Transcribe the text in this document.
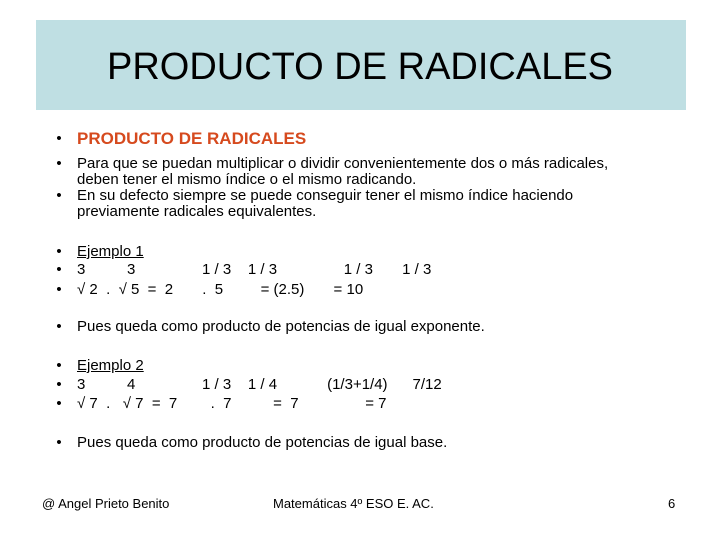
PRODUCTO DE RADICALES
• PRODUCTO DE RADICALES
• Para que se puedan multiplicar o dividir convenientemente dos o más radicales,
deben tener el mismo índice o el mismo radicando.
• En su defecto siempre se puede conseguir tener el mismo índice haciendo
previamente radicales equivalentes.
• Ejemplo 1
• 3          3                1 / 3    1 / 3                1 / 3       1 / 3
• √ 2  .  √ 5  =  2       .  5         = (2.5)       = 10
• Pues queda como producto de potencias de igual exponente.
• Ejemplo 2
• 3          4                1 / 3    1 / 4            (1/3+1/4)      7/12
• √ 7  .   √ 7  =  7        .  7          =  7                = 7
• Pues queda como producto de potencias de igual base.
@ Angel Prieto Benito	Matemáticas 4º ESO E. AC.	6
